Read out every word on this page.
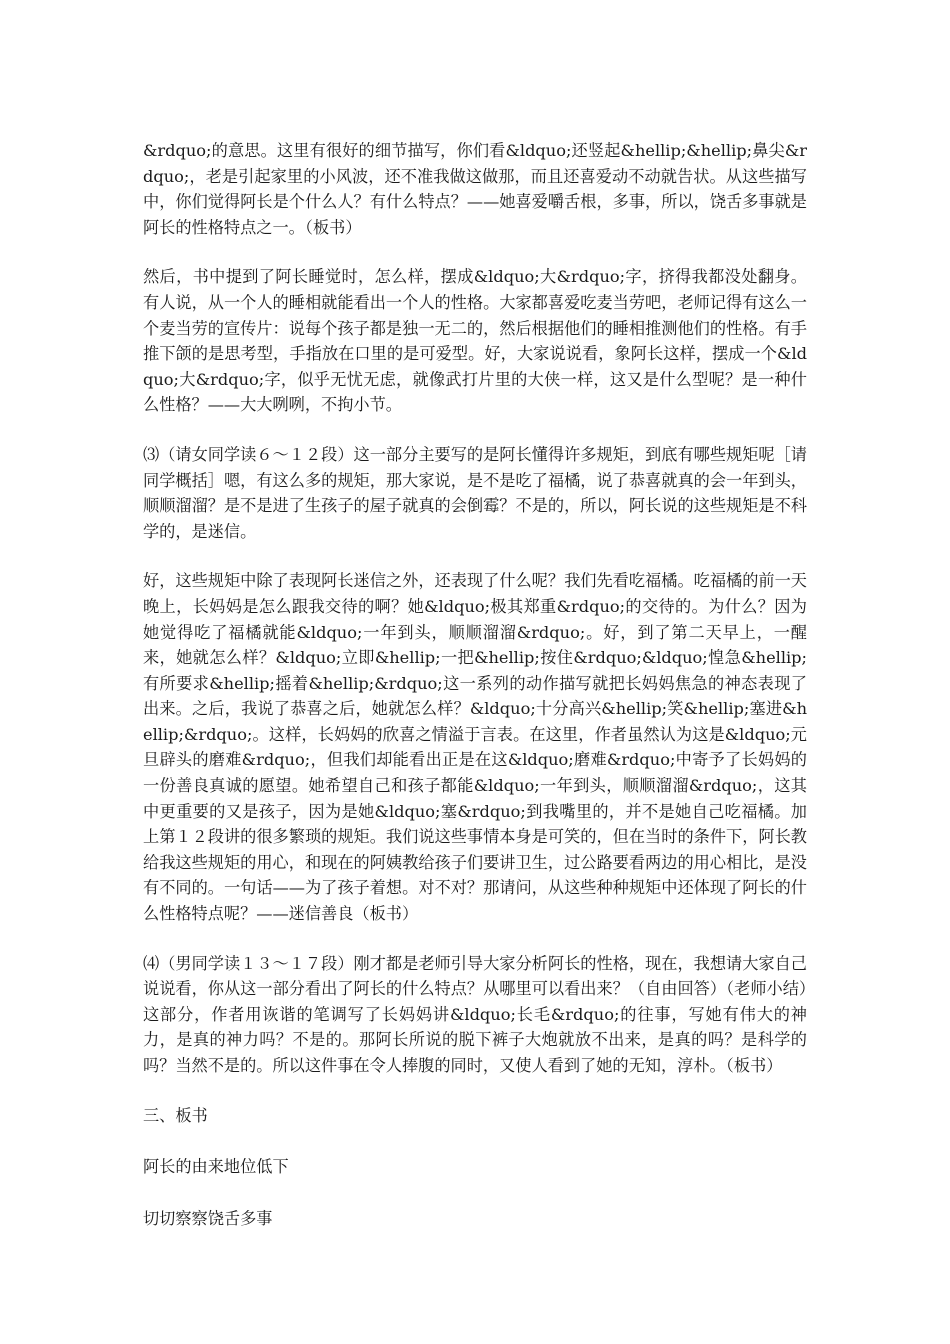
&rdquo;的意思。这里有很好的细节描写，你们看&ldquo;还竖起&hellip;&hellip;鼻尖&rdquo;，老是引起家里的小风波，还不准我做这做那，而且还喜爱动不动就告状。从这些描写中，你们觉得阿长是个什么人？有什么特点？——她喜爱嚼舌根，多事，所以，饶舌多事就是阿长的性格特点之一。（板书）

然后，书中提到了阿长睡觉时，怎么样，摆成&ldquo;大&rdquo;字，挤得我都没处翻身。有人说，从一个人的睡相就能看出一个人的性格。大家都喜爱吃麦当劳吧，老师记得有这么一个麦当劳的宣传片：说每个孩子都是独一无二的，然后根据他们的睡相推测他们的性格。有手推下颌的是思考型，手指放在口里的是可爱型。好，大家说说看，象阿长这样，摆成一个&ldquo;大&rdquo;字，似乎无忧无虑，就像武打片里的大侠一样，这又是什么型呢？是一种什么性格？——大大咧咧，不拘小节。

⑶（请女同学读６～１２段）这一部分主要写的是阿长懂得许多规矩，到底有哪些规矩呢［请同学概括］嗯，有这么多的规矩，那大家说，是不是吃了福橘，说了恭喜就真的会一年到头，顺顺溜溜？是不是进了生孩子的屋子就真的会倒霉？不是的，所以，阿长说的这些规矩是不科学的，是迷信。

好，这些规矩中除了表现阿长迷信之外，还表现了什么呢？我们先看吃福橘。吃福橘的前一天晚上，长妈妈是怎么跟我交待的啊？她&ldquo;极其郑重&rdquo;的交待的。为什么？因为她觉得吃了福橘就能&ldquo;一年到头，顺顺溜溜&rdquo;。好，到了第二天早上，一醒来，她就怎么样？&ldquo;立即&hellip;一把&hellip;按住&rdquo;&ldquo;惶急&hellip;有所要求&hellip;摇着&hellip;&rdquo;这一系列的动作描写就把长妈妈焦急的神态表现了出来。之后，我说了恭喜之后，她就怎么样？&ldquo;十分高兴&hellip;笑&hellip;塞进&hellip;&rdquo;。这样，长妈妈的欣喜之情溢于言表。在这里，作者虽然认为这是&ldquo;元旦辟头的磨难&rdquo;，但我们却能看出正是在这&ldquo;磨难&rdquo;中寄予了长妈妈的一份善良真诚的愿望。她希望自己和孩子都能&ldquo;一年到头，顺顺溜溜&rdquo;，这其中更重要的又是孩子，因为是她&ldquo;塞&rdquo;到我嘴里的，并不是她自己吃福橘。加上第１２段讲的很多繁琐的规矩。我们说这些事情本身是可笑的，但在当时的条件下，阿长教给我这些规矩的用心，和现在的阿姨教给孩子们要讲卫生，过公路要看两边的用心相比，是没有不同的。一句话——为了孩子着想。对不对？那请问，从这些种种规矩中还体现了阿长的什么性格特点呢？——迷信善良（板书）

⑷（男同学读１３～１７段）刚才都是老师引导大家分析阿长的性格，现在，我想请大家自己说说看，你从这一部分看出了阿长的什么特点？从哪里可以看出来？（自由回答）（老师小结）这部分，作者用诙谐的笔调写了长妈妈讲&ldquo;长毛&rdquo;的往事，写她有伟大的神力，是真的神力吗？不是的。那阿长所说的脱下裤子大炮就放不出来，是真的吗？是科学的吗？当然不是的。所以这件事在令人捧腹的同时，又使人看到了她的无知，淳朴。（板书）

三、板书

阿长的由来地位低下

切切察察饶舌多事
